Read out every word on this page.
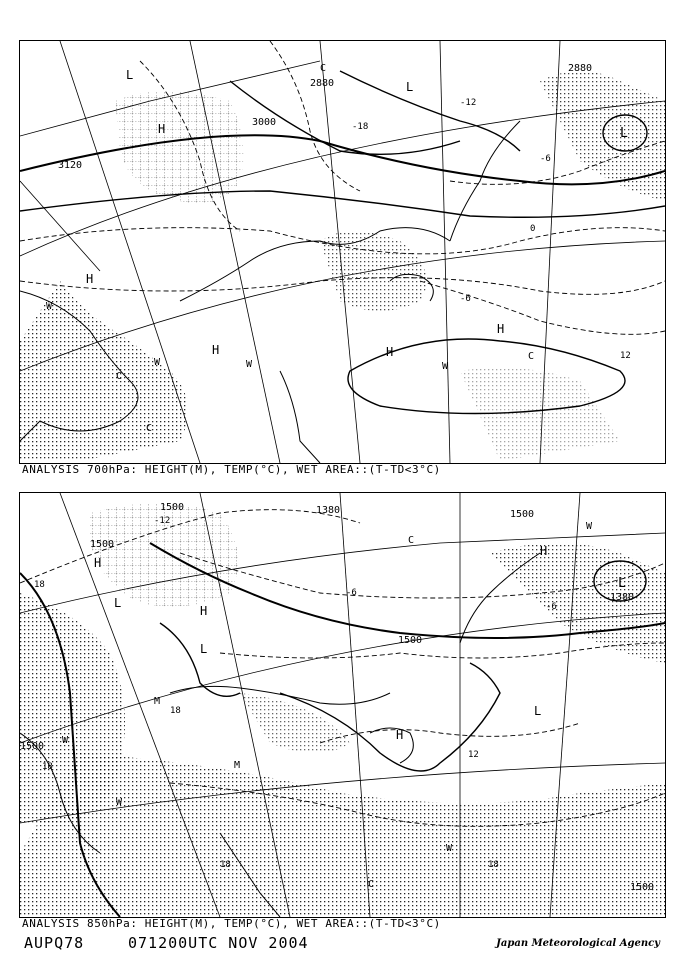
3120
3000
2880
2880
-18
-12
-6
0
-6
12
L
L
L
H
H
H	H
H
W
W	W	W
C
C
C
C
ANALYSIS 700hPa: HEIGHT(M), TEMP(°C), WET AREA::(T-TD<3°C)
1500
1500
1380	1500
1500
1500
1380
1500
18
18
18
-12
-6
-6
12
18	18
H
H
H
H
L
L
L
L
W
W
W
W
C
C
M
M
ANALYSIS 850hPa: HEIGHT(M), TEMP(°C), WET AREA::(T-TD<3°C)
AUPQ78	071200UTC NOV 2004	Japan Meteorological Agency
